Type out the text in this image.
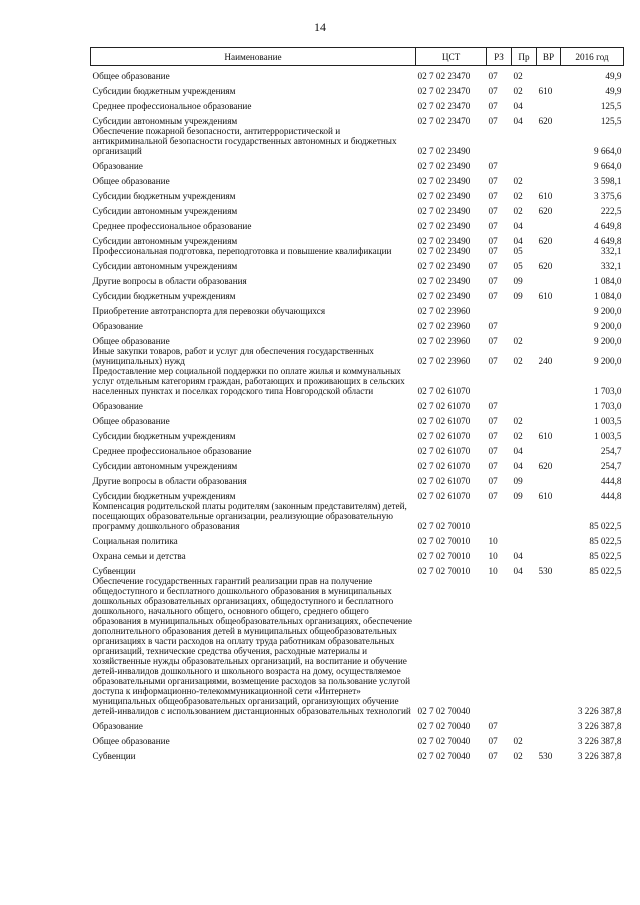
14
Наименование	ЦСТ	РЗ	Пр	ВР	2016 год
Общее образование	02 7 02 23470	07	02		49,9
Субсидии бюджетным учреждениям	02 7 02 23470	07	02	610	49,9
Среднее профессиональное образование	02 7 02 23470	07	04		125,5
Субсидии автономным учреждениям	02 7 02 23470	07	04	620	125,5
Обеспечение пожарной безопасности, антитеррористической и антикриминальной безопасности государственных автономных и бюджетных организаций	02 7 02 23490				9 664,0
Образование	02 7 02 23490	07			9 664,0
Общее образование	02 7 02 23490	07	02		3 598,1
Субсидии бюджетным учреждениям	02 7 02 23490	07	02	610	3 375,6
Субсидии автономным учреждениям	02 7 02 23490	07	02	620	222,5
Среднее профессиональное образование	02 7 02 23490	07	04		4 649,8
Субсидии автономным учреждениям	02 7 02 23490	07	04	620	4 649,8
Профессиональная подготовка, переподготовка и повышение квалификации	02 7 02 23490	07	05		332,1
Субсидии автономным учреждениям	02 7 02 23490	07	05	620	332,1
Другие вопросы в области образования	02 7 02 23490	07	09		1 084,0
Субсидии бюджетным учреждениям	02 7 02 23490	07	09	610	1 084,0
Приобретение автотранспорта для перевозки обучающихся	02 7 02 23960				9 200,0
Образование	02 7 02 23960	07			9 200,0
Общее образование	02 7 02 23960	07	02		9 200,0
Иные закупки товаров, работ и услуг для обеспечения государственных (муниципальных) нужд	02 7 02 23960	07	02	240	9 200,0
Предоставление мер социальной поддержки по оплате жилья и коммунальных услуг отдельным категориям граждан, работающих и проживающих в сельских населенных пунктах и поселках городского типа Новгородской области	02 7 02 61070				1 703,0
Образование	02 7 02 61070	07			1 703,0
Общее образование	02 7 02 61070	07	02		1 003,5
Субсидии бюджетным учреждениям	02 7 02 61070	07	02	610	1 003,5
Среднее профессиональное образование	02 7 02 61070	07	04		254,7
Субсидии автономным учреждениям	02 7 02 61070	07	04	620	254,7
Другие вопросы в области образования	02 7 02 61070	07	09		444,8
Субсидии бюджетным учреждениям	02 7 02 61070	07	09	610	444,8
Компенсация родительской платы родителям (законным представителям) детей, посещающих образовательные организации, реализующие образовательную программу дошкольного образования	02 7 02 70010				85 022,5
Социальная политика	02 7 02 70010	10			85 022,5
Охрана семьи и детства	02 7 02 70010	10	04		85 022,5
Субвенции	02 7 02 70010	10	04	530	85 022,5
Обеспечение государственных гарантий реализации прав на получение общедоступного и бесплатного дошкольного образования в муниципальных дошкольных образовательных организациях, общедоступного и бесплатного дошкольного, начального общего, основного общего, среднего общего образования в муниципальных общеобразовательных организациях, обеспечение дополнительного образования детей в муниципальных общеобразовательных организациях в части расходов на оплату труда работникам образовательных организаций, технические средства обучения, расходные материалы и хозяйственные нужды образовательных организаций, на воспитание и обучение детей-инвалидов дошкольного и школьного возраста на дому, осуществляемое образовательными организациями, возмещение расходов за пользование услугой доступа к информационно-телекоммуникационной сети «Интернет» муниципальных общеобразовательных организаций, организующих обучение детей-инвалидов с использованием дистанционных образовательных технологий	02 7 02 70040				3 226 387,8
Образование	02 7 02 70040	07			3 226 387,8
Общее образование	02 7 02 70040	07	02		3 226 387,8
Субвенции	02 7 02 70040	07	02	530	3 226 387,8
